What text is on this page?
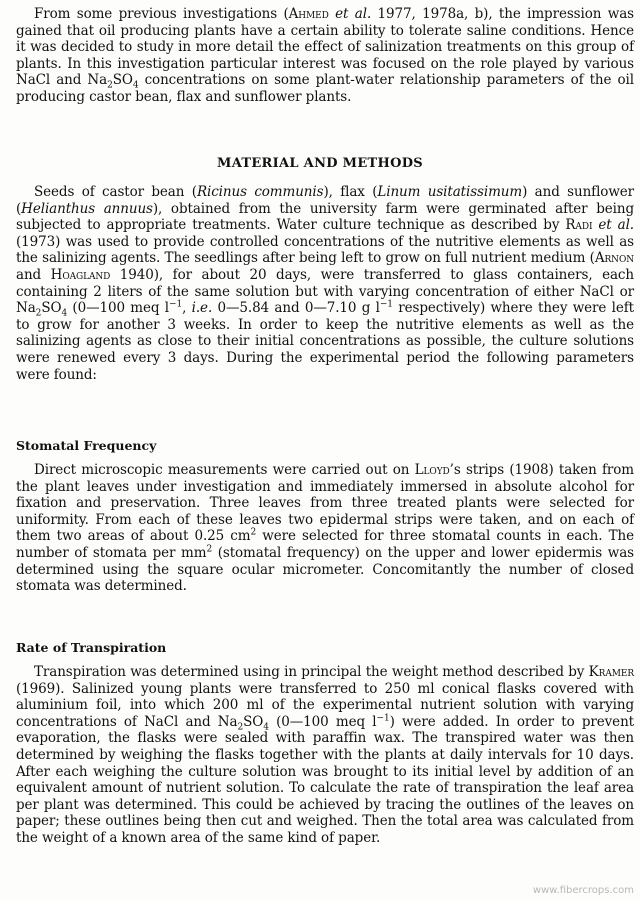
From some previous investigations (Ahmed et al. 1977, 1978a, b), the impression was gained that oil producing plants have a certain ability to tolerate saline conditions. Hence it was decided to study in more detail the effect of salinization treatments on this group of plants. In this investigation particular interest was focused on the role played by various NaCl and $Na_2SO_4$ concentrations on some plant-water relationship parameters of the oil producing castor bean, flax and sunflower plants.

MATERIAL AND METHODS

Seeds of castor bean (Ricinus communis), flax (Linum usitatissimum) and sunflower (Helianthus annuus), obtained from the university farm were germinated after being subjected to appropriate treatments. Water culture technique as described by Radi et al. (1973) was used to provide controlled concentrations of the nutritive elements as well as the salinizing agents. The seedlings after being left to grow on full nutrient medium (Arnon and Hoagland 1940), for about 20 days, were transferred to glass containers, each containing 2 liters of the same solution but with varying concentration of either NaCl or $Na_2SO_4$ (0—100 meq $l^{-1}$, i.e. 0—5.84 and 0—7.10 g $l^{-1}$ respectively) where they were left to grow for another 3 weeks. In order to keep the nutritive elements as well as the salinizing agents as close to their initial concentrations as possible, the culture solutions were renewed every 3 days. During the experimental period the following parameters were found:

Stomatal Frequency

Direct microscopic measurements were carried out on Lloyd’s strips (1908) taken from the plant leaves under investigation and immediately immersed in absolute alcohol for fixation and preservation. Three leaves from three treated plants were selected for uniformity. From each of these leaves two epidermal strips were taken, and on each of them two areas of about 0.25 $cm^2$ were selected for three stomatal counts in each. The number of stomata per $mm^2$ (stomatal frequency) on the upper and lower epidermis was determined using the square ocular micrometer. Concomitantly the number of closed stomata was determined.

Rate of Transpiration

Transpiration was determined using in principal the weight method described by Kramer (1969). Salinized young plants were transferred to 250 ml conical flasks covered with aluminium foil, into which 200 ml of the experimental nutrient solution with varying concentrations of NaCl and $Na_2SO_4$ (0—100 meq $l^{-1}$) were added. In order to prevent evaporation, the flasks were sealed with paraffin wax. The transpired water was then determined by weighing the flasks together with the plants at daily intervals for 10 days. After each weighing the culture solution was brought to its initial level by addition of an equivalent amount of nutrient solution. To calculate the rate of transpiration the leaf area per plant was determined. This could be achieved by tracing the outlines of the leaves on paper; these outlines being then cut and weighed. Then the total area was calculated from the weight of a known area of the same kind of paper.

www.fibercrops.com
